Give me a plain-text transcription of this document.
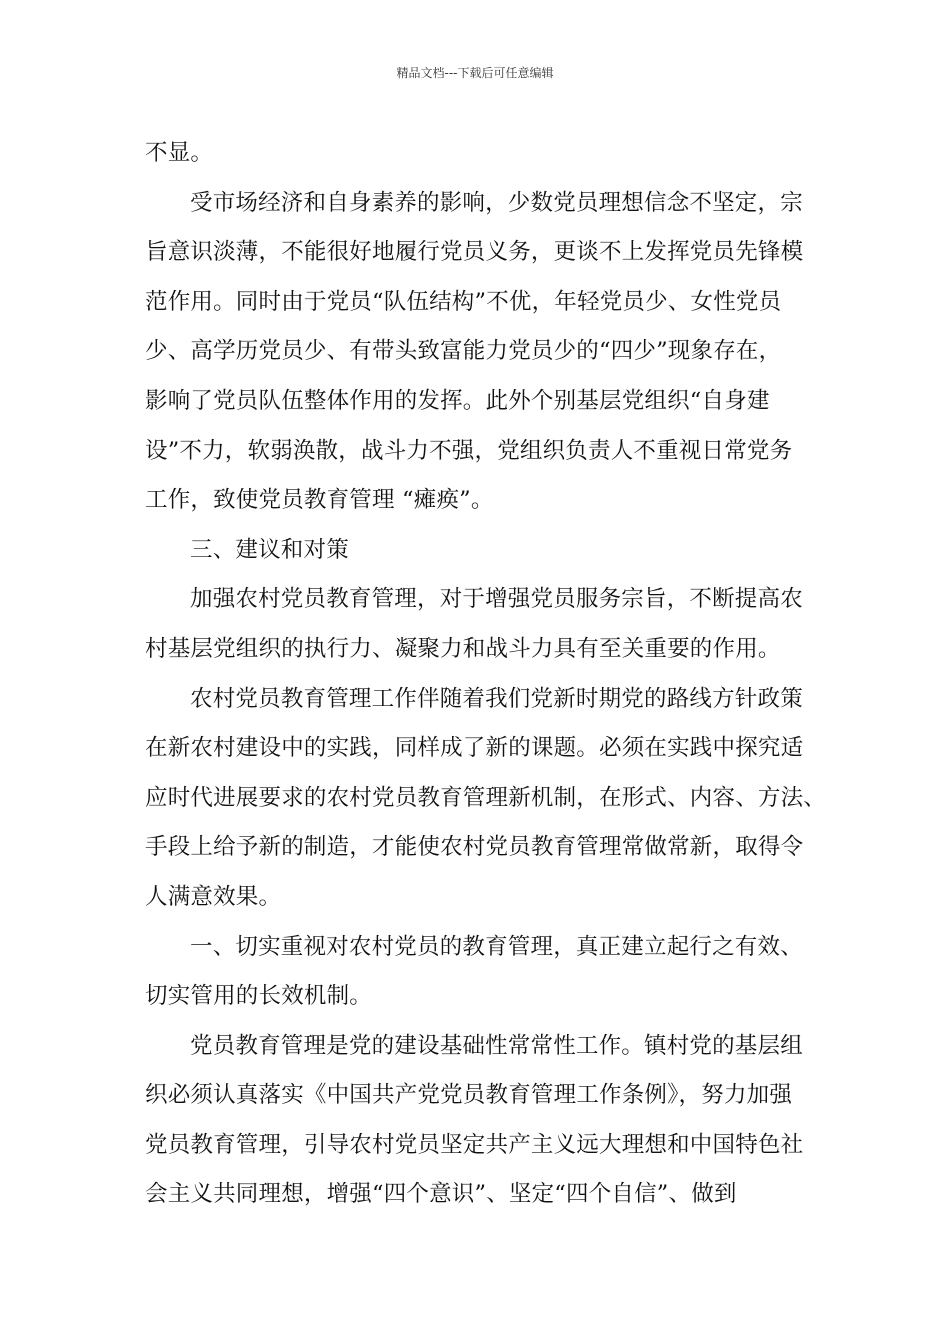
精品文档---下载后可任意编辑
不显。
受市场经济和自身素养的影响，少数党员理想信念不坚定，宗
旨意识淡薄，不能很好地履行党员义务，更谈不上发挥党员先锋模
范作用。同时由于党员“队伍结构”不优，年轻党员少、女性党员
少、高学历党员少、有带头致富能力党员少的“四少”现象存在，
影响了党员队伍整体作用的发挥。此外个别基层党组织“自身建
设”不力，软弱涣散，战斗力不强，党组织负责人不重视日常党务
工作，致使党员教育管理 “瘫痪”。
三、建议和对策
加强农村党员教育管理，对于增强党员服务宗旨，不断提高农
村基层党组织的执行力、凝聚力和战斗力具有至关重要的作用。
农村党员教育管理工作伴随着我们党新时期党的路线方针政策
在新农村建设中的实践，同样成了新的课题。必须在实践中探究适
应时代进展要求的农村党员教育管理新机制，在形式、内容、方法、
手段上给予新的制造，才能使农村党员教育管理常做常新，取得令
人满意效果。
一、切实重视对农村党员的教育管理，真正建立起行之有效、
切实管用的长效机制。
党员教育管理是党的建设基础性常常性工作。镇村党的基层组
织必须认真落实《中国共产党党员教育管理工作条例》，努力加强
党员教育管理，引导农村党员坚定共产主义远大理想和中国特色社
会主义共同理想，增强“四个意识”、坚定“四个自信”、做到
